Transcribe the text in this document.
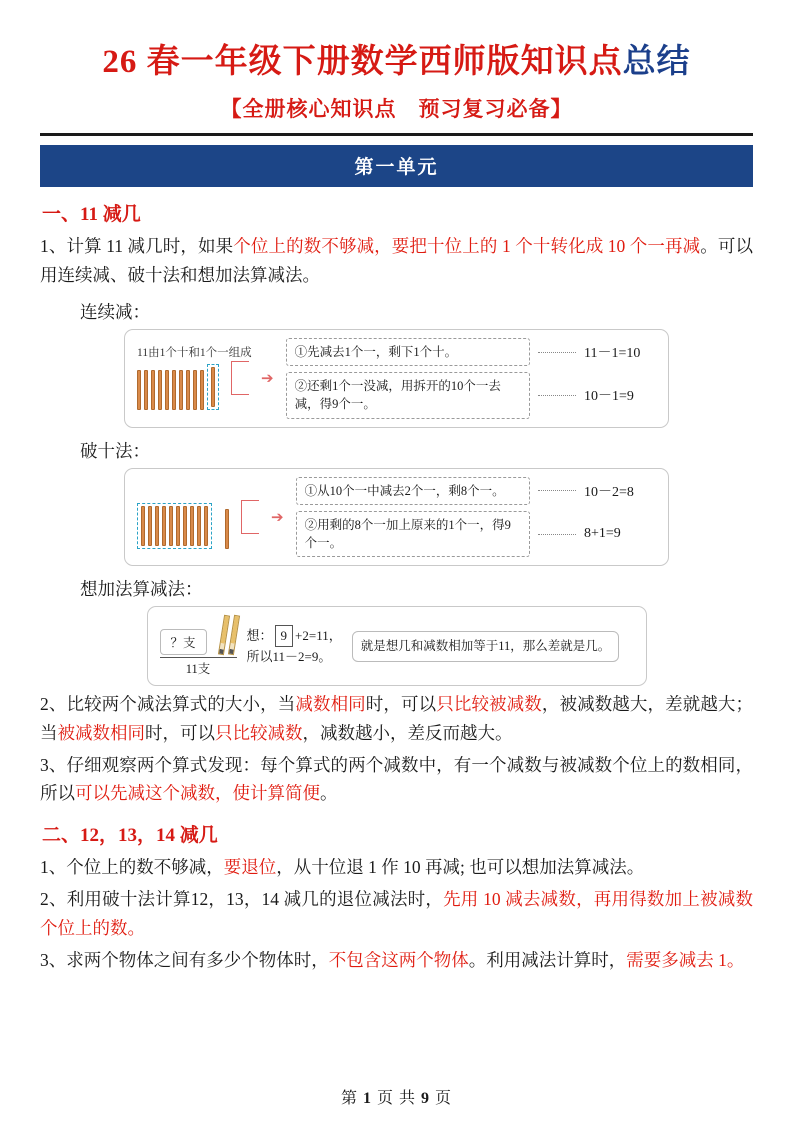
26 春一年级下册数学西师版知识点总结
【全册核心知识点　预习复习必备】
第一单元
一、11 减几
1、计算 11 减几时，如果个位上的数不够减，要把十位上的 1 个十转化成 10 个一再减。可以用连续减、破十法和想加法算减法。
连续减：
11由1个十和1个一组成
➔
①先减去1个一，剩下1个十。	11－1=10
②还剩1个一没减，用拆开的10个一去减，得9个一。	10－1=9
破十法：
➔
①从10个一中减去2个一，剩8个一。	10－2=8
②用剩的8个一加上原来的1个一，得9个一。
8+1=9
想加法算减法：
？支
11支
想： 9 +2=11，
所以11－2=9。
就是想几和减数相加等于11，那么差就是几。
2、比较两个减法算式的大小，当减数相同时，可以只比较被减数，被减数越大，差就越大；当被减数相同时，可以只比较减数，减数越小，差反而越大。
3、仔细观察两个算式发现：每个算式的两个减数中，有一个减数与被减数个位上的数相同，所以可以先减这个减数，使计算简便。
二、12，13，14 减几
1、个位上的数不够减，要退位，从十位退 1 作 10 再减; 也可以想加法算减法。
2、利用破十法计算12，13，14 减几的退位减法时，先用 10 减去减数，再用得数加上被减数个位上的数。
3、求两个物体之间有多少个物体时，不包含这两个物体。利用减法计算时，需要多减去 1。
第 1 页 共 9 页
